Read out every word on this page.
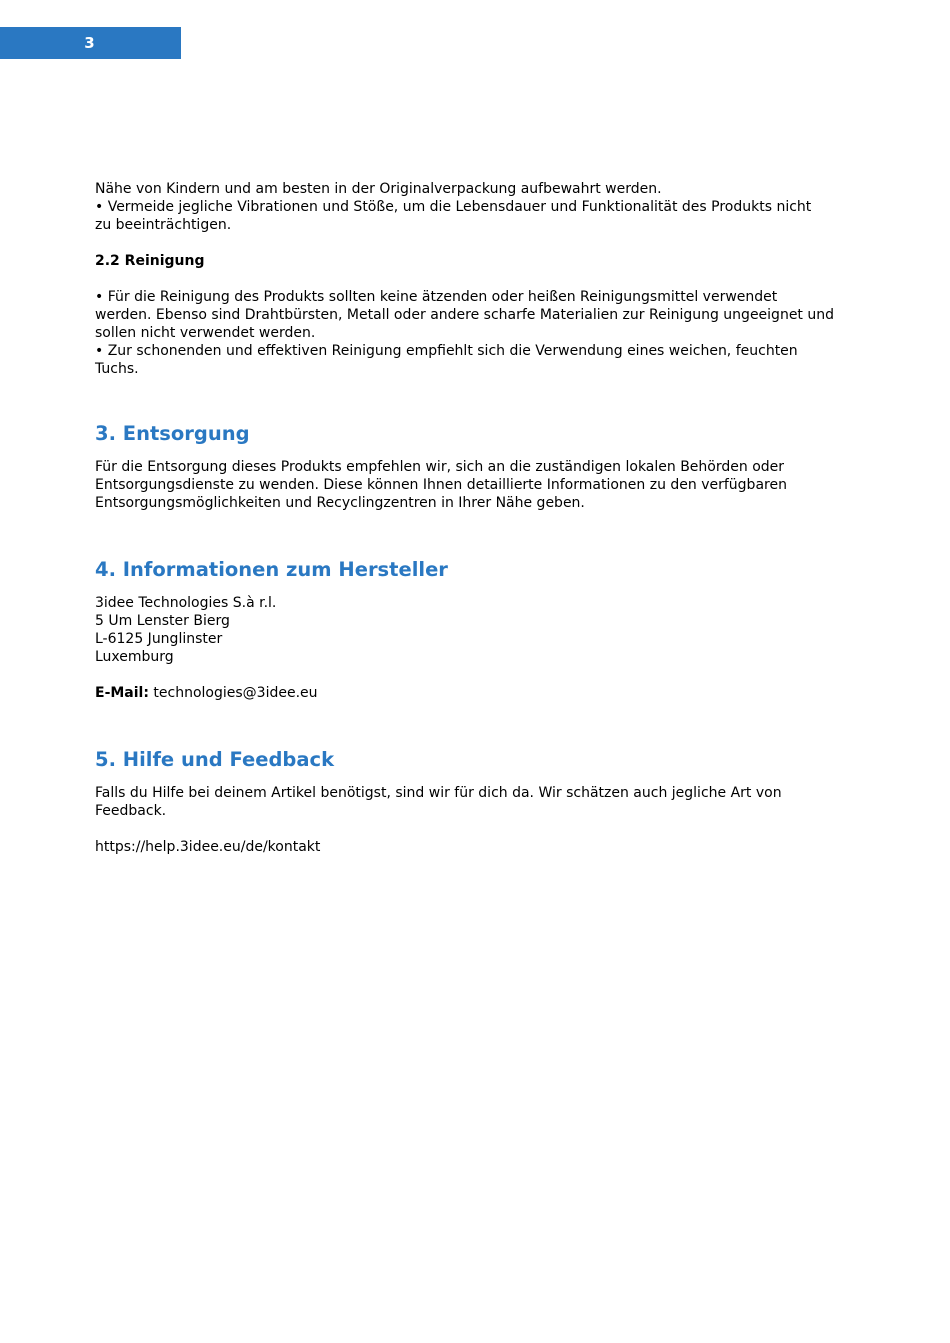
3

Nähe von Kindern und am besten in der Originalverpackung aufbewahrt werden.

• Vermeide jegliche Vibrationen und Stöße, um die Lebensdauer und Funktionalität des Produkts nicht
zu beeinträchtigen.

2.2 Reinigung

• Für die Reinigung des Produkts sollten keine ätzenden oder heißen Reinigungsmittel verwendet
werden. Ebenso sind Drahtbürsten, Metall oder andere scharfe Materialien zur Reinigung ungeeignet und
sollen nicht verwendet werden.

• Zur schonenden und effektiven Reinigung empfiehlt sich die Verwendung eines weichen, feuchten
Tuchs.

3. Entsorgung

Für die Entsorgung dieses Produkts empfehlen wir, sich an die zuständigen lokalen Behörden oder
Entsorgungsdienste zu wenden. Diese können Ihnen detaillierte Informationen zu den verfügbaren
Entsorgungsmöglichkeiten und Recyclingzentren in Ihrer Nähe geben.

4. Informationen zum Hersteller

3idee Technologies S.à r.l.
5 Um Lenster Bierg
L-6125 Junglinster
Luxemburg

E-Mail: technologies@3idee.eu

5. Hilfe und Feedback

Falls du Hilfe bei deinem Artikel benötigst, sind wir für dich da. Wir schätzen auch jegliche Art von
Feedback.

https://help.3idee.eu/de/kontakt
